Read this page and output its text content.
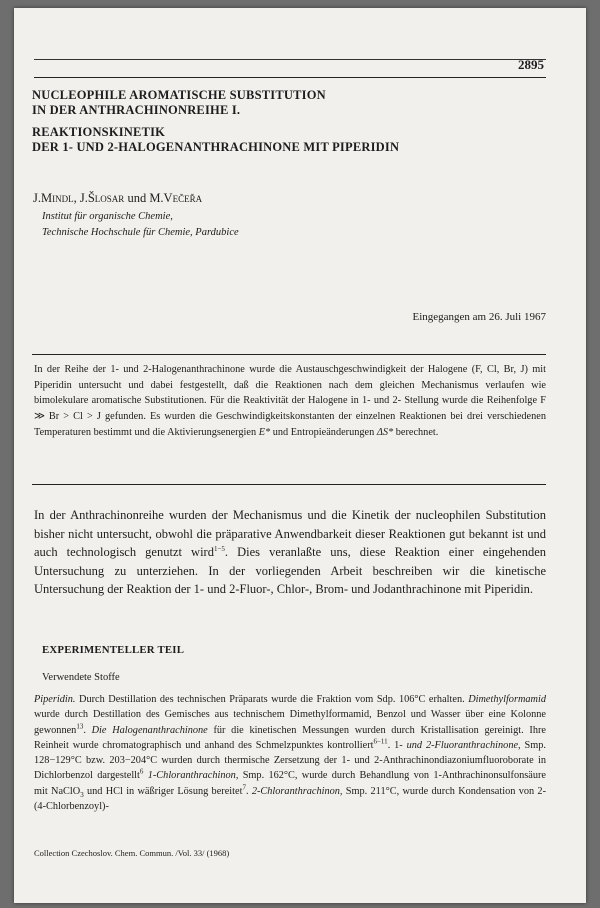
2895
NUCLEOPHILE AROMATISCHE SUBSTITUTION
IN DER ANTHRACHINONREIHE I.
REAKTIONSKINETIK
DER 1- UND 2-HALOGENANTHRACHINONE MIT PIPERIDIN
J.Mindl, J.Šlosar und M.Večeřa
Institut für organische Chemie,
Technische Hochschule für Chemie, Pardubice
Eingegangen am 26. Juli 1967

In der Reihe der 1- und 2-Halogenanthrachinone wurde die Austauschgeschwindigkeit der Halogene (F, Cl, Br, J) mit Piperidin untersucht und dabei festgestellt, daß die Reaktionen nach dem gleichen Mechanismus verlaufen wie bimolekulare aromatische Substitutionen. Für die Reaktivität der Halogene in 1- und 2- Stellung wurde die Reihenfolge F ≫ Br > Cl > J gefunden. Es wurden die Geschwindigkeitskonstanten der einzelnen Reaktionen bei drei verschiedenen Temperaturen bestimmt und die Aktivierungsenergien E* und Entropieänderungen ΔS* berechnet.

In der Anthrachinonreihe wurden der Mechanismus und die Kinetik der nucleophilen Substitution bisher nicht untersucht, obwohl die präparative Anwendbarkeit dieser Reaktionen gut bekannt ist und auch technologisch genutzt wird$^{1-5}$. Dies veranlaßte uns, diese Reaktion einer eingehenden Untersuchung zu unterziehen. In der vorliegenden Arbeit beschreiben wir die kinetische Untersuchung der Reaktion der 1- und 2-Fluor-, Chlor-, Brom- und Jodanthrachinone mit Piperidin.

EXPERIMENTELLER TEIL
Verwendete Stoffe

Piperidin. Durch Destillation des technischen Präparats wurde die Fraktion vom Sdp. 106°C erhalten. Dimethylformamid wurde durch Destillation des Gemisches aus technischem Dimethylformamid, Benzol und Wasser über eine Kolonne gewonnen$^{13}$. Die Halogenanthrachinone für die kinetischen Messungen wurden durch Kristallisation gereinigt. Ihre Reinheit wurde chromatographisch und anhand des Schmelzpunktes kontrolliert$^{6-11}$. 1- und 2-Fluoranthrachinone, Smp. 128−129°C bzw. 203−204°C wurden durch thermische Zersetzung der 1- und 2-Anthrachinondiazoniumfluoroborate in Dichlorbenzol dargestellt$^6$ 1-Chloranthrachinon, Smp. 162°C, wurde durch Behandlung von 1-Anthrachinonsulfonsäure mit NaClO$_3$ und HCl in wäßriger Lösung bereitet$^7$. 2-Chloranthrachinon, Smp. 211°C, wurde durch Kondensation von 2-(4-Chlorbenzoyl)-

Collection Czechoslov. Chem. Commun. /Vol. 33/ (1968)
